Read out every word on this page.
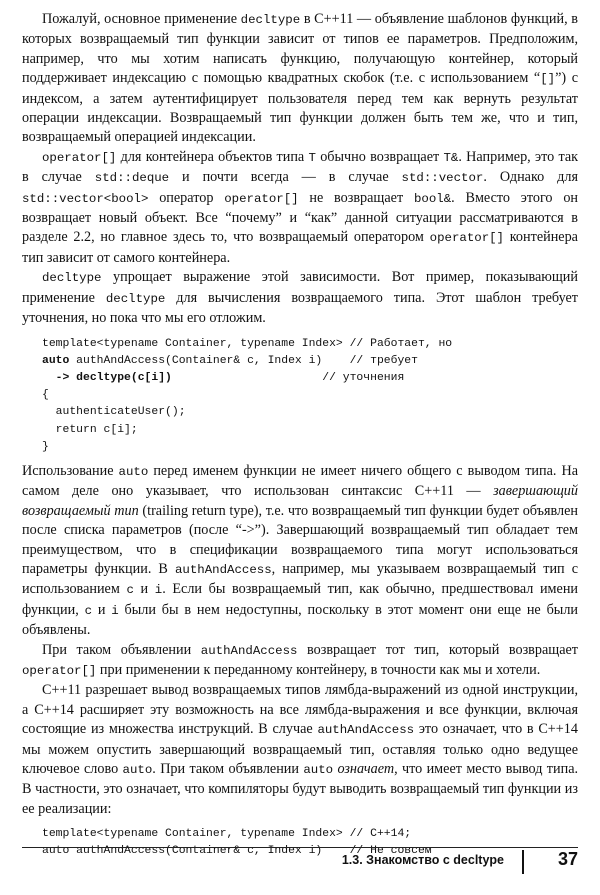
Пожалуй, основное применение decltype в C++11 — объявление шаблонов функций, в которых возвращаемый тип функции зависит от типов ее параметров. Предположим, например, что мы хотим написать функцию, получающую контейнер, который поддерживает индексацию с помощью квадратных скобок (т.е. с использованием “[]”) с индексом, а затем аутентифицирует пользователя перед тем как вернуть результат операции индексации. Возвращаемый тип функции должен быть тем же, что и тип, возвращаемый операцией индексации.

operator[] для контейнера объектов типа T обычно возвращает T&. Например, это так в случае std::deque и почти всегда — в случае std::vector. Однако для std::vector<bool> оператор operator[] не возвращает bool&. Вместо этого он возвращает новый объект. Все “почему” и “как” данной ситуации рассматриваются в разделе 2.2, но главное здесь то, что возвращаемый оператором operator[] контейнера тип зависит от самого контейнера.

decltype упрощает выражение этой зависимости. Вот пример, показывающий применение decltype для вычисления возвращаемого типа. Этот шаблон требует уточнения, но пока что мы его отложим.

template<typename Container, typename Index> // Работает, но
auto authAndAccess(Container& c, Index i)    // требует
-> decltype(c[i])                      // уточнения
{
authenticateUser();
return c[i];
}

Использование auto перед именем функции не имеет ничего общего с выводом типа. На самом деле оно указывает, что использован синтаксис C++11 — завершающий возвращаемый тип (trailing return type), т.е. что возвращаемый тип функции будет объявлен после списка параметров (после “->”). Завершающий возвращаемый тип обладает тем преимуществом, что в спецификации возвращаемого типа могут использоваться параметры функции. В authAndAccess, например, мы указываем возвращаемый тип с использованием c и i. Если бы возвращаемый тип, как обычно, предшествовал имени функции, c и i были бы в нем недоступны, поскольку в этот момент они еще не были объявлены.

При таком объявлении authAndAccess возвращает тот тип, который возвращает operator[] при применении к переданному контейнеру, в точности как мы и хотели.

C++11 разрешает вывод возвращаемых типов лямбда-выражений из одной инструкции, а C++14 расширяет эту возможность на все лямбда-выражения и все функции, включая состоящие из множества инструкций. В случае authAndAccess это означает, что в C++14 мы можем опустить завершающий возвращаемый тип, оставляя только одно ведущее ключевое слово auto. При таком объявлении auto означает, что имеет место вывод типа. В частности, это означает, что компиляторы будут выводить возвращаемый тип функции из ее реализации:

template<typename Container, typename Index> // C++14;
auto authAndAccess(Container& c, Index i)    // Не совсем
1.3. Знакомство с decltype	37
